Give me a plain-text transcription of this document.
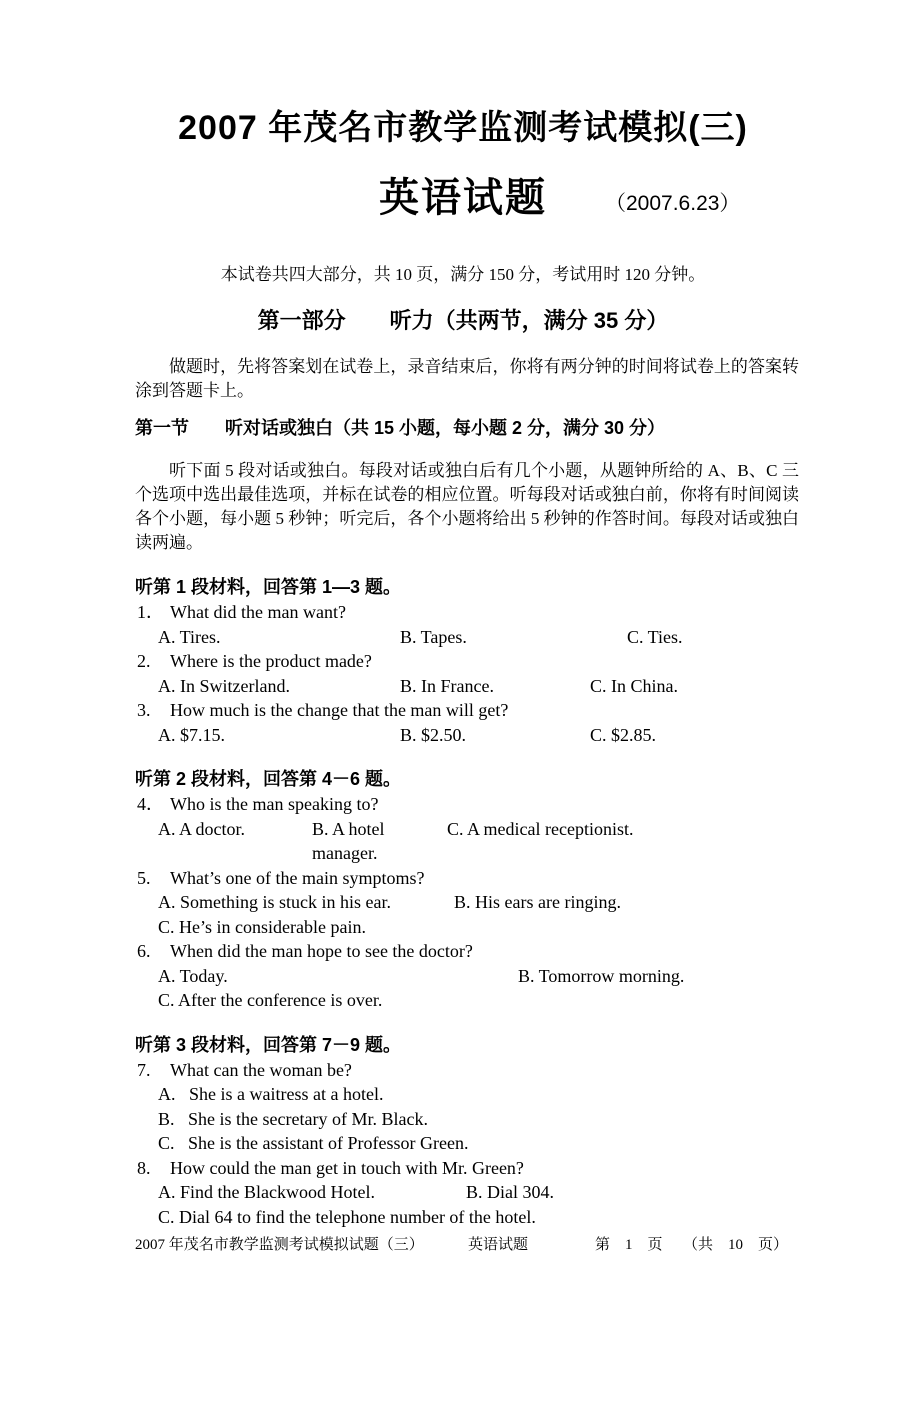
2007 年茂名市教学监测考试模拟(三)
英语试题	（2007.6.23）
本试卷共四大部分，共 10 页，满分 150 分，考试用时 120 分钟。
第一部分　　听力（共两节，满分 35 分）

做题时，先将答案划在试卷上，录音结束后，你将有两分钟的时间将试卷上的答案转涂到答题卡上。

第一节　　听对话或独白（共 15 小题，每小题 2 分，满分 30 分）

听下面 5 段对话或独白。每段对话或独白后有几个小题，从题钟所给的 A、B、C 三个选项中选出最佳选项，并标在试卷的相应位置。听每段对话或独白前，你将有时间阅读各个小题，每小题 5 秒钟；听完后，各个小题将给出 5 秒钟的作答时间。每段对话或独白读两遍。

听第 1 段材料，回答第 1—3 题。
1． What did the man want?
A. Tires.	B. Tapes.	C. Ties.
2. Where is the product made?
A. In Switzerland.	B. In France.	C. In China.
3. How much is the change that the man will get?
A. $7.15.	B. $2.50.	C. $2.85.
听第 2 段材料，回答第 4－6 题。
4． Who is the man speaking to?
A. A doctor.	B. A hotel manager.C. A medical receptionist.
5. What’s one of the main symptoms?
A. Something is stuck in his ear.	B. His ears are ringing.
C. He’s in considerable pain.
6. When did the man hope to see the doctor?
A. Today.	B. Tomorrow morning.
C. After the conference is over.
听第 3 段材料，回答第 7－9 题。
7. What can the woman be?
A.   She is a waitress at a hotel.
B.   She is the secretary of Mr. Black.
C.   She is the assistant of Professor Green.
8. How could the man get in touch with Mr. Green?
A. Find the Blackwood Hotel.	B. Dial 304.
C. Dial 64 to find the telephone number of the hotel.
2007 年茂名市教学监测考试模拟试题（三）	英语试题	第　1　页 （共　10　页）
